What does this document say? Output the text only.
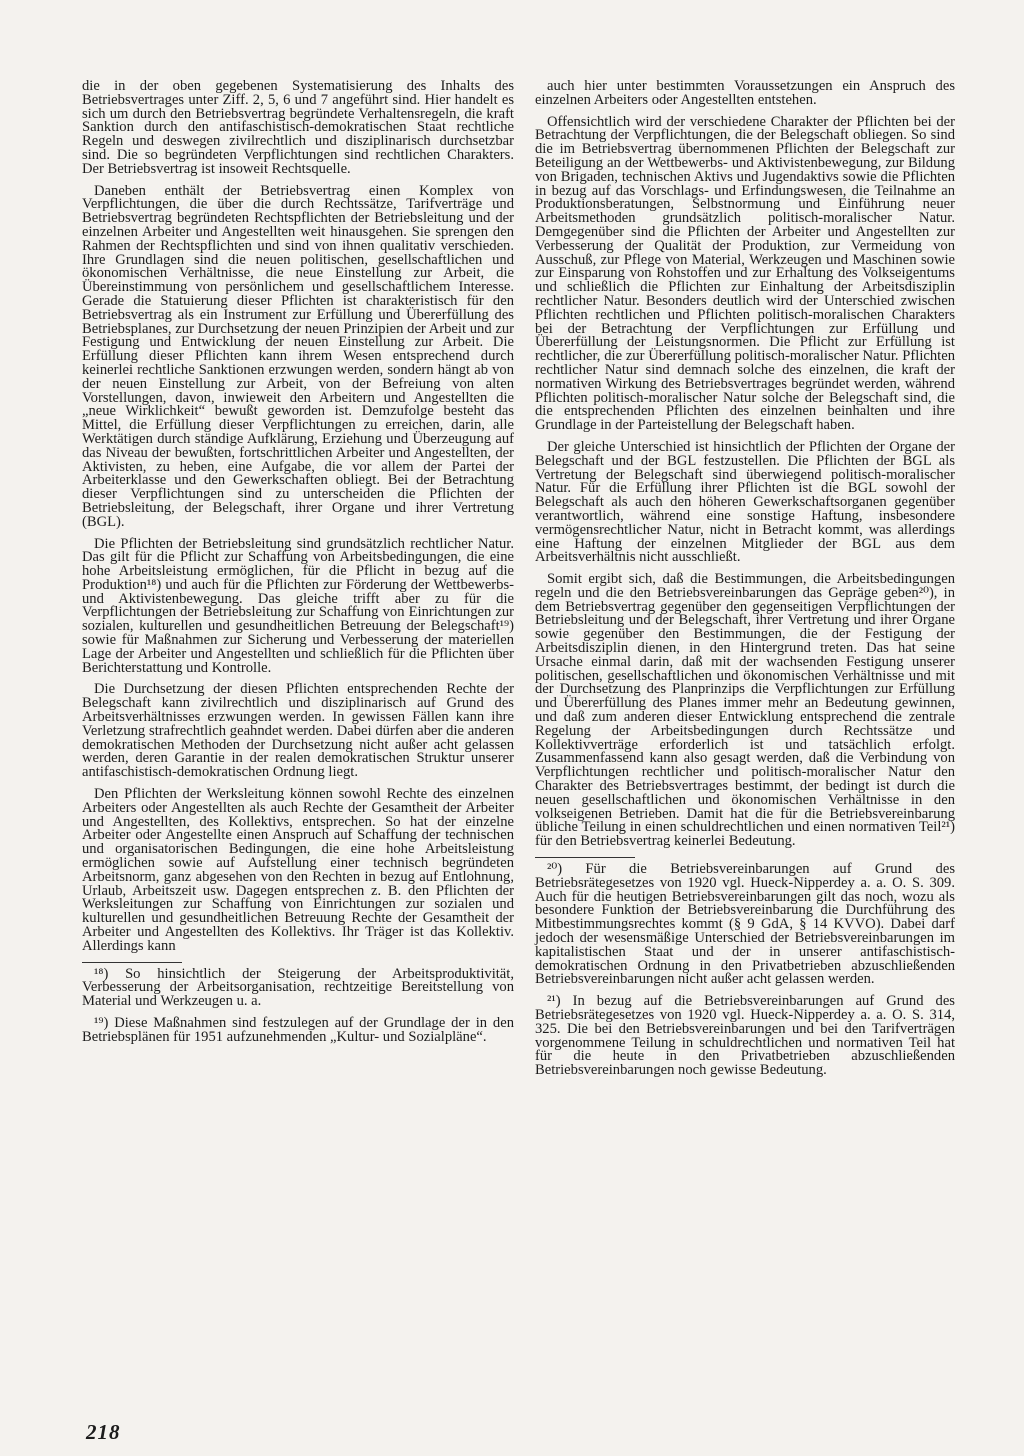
die in der oben gegebenen Systematisierung des Inhalts des Betriebsvertrages unter Ziff. 2, 5, 6 und 7 angeführt sind. Hier handelt es sich um durch den Betriebsvertrag begründete Verhaltensregeln, die kraft Sanktion durch den antifaschistisch-demokratischen Staat rechtliche Regeln und deswegen zivilrechtlich und disziplinarisch durchsetzbar sind. Die so begründeten Verpflichtungen sind rechtlichen Charakters. Der Betriebsvertrag ist insoweit Rechtsquelle.

Daneben enthält der Betriebsvertrag einen Komplex von Verpflichtungen, die über die durch Rechtssätze, Tarifverträge und Betriebsvertrag begründeten Rechtspflichten der Betriebsleitung und der einzelnen Arbeiter und Angestellten weit hinausgehen. Sie sprengen den Rahmen der Rechtspflichten und sind von ihnen qualitativ verschieden. Ihre Grundlagen sind die neuen politischen, gesellschaftlichen und ökonomischen Verhältnisse, die neue Einstellung zur Arbeit, die Übereinstimmung von persönlichem und gesellschaftlichem Interesse. Gerade die Statuierung dieser Pflichten ist charakteristisch für den Betriebsvertrag als ein Instrument zur Erfüllung und Übererfüllung des Betriebsplanes, zur Durchsetzung der neuen Prinzipien der Arbeit und zur Festigung und Entwicklung der neuen Einstellung zur Arbeit. Die Erfüllung dieser Pflichten kann ihrem Wesen entsprechend durch keinerlei rechtliche Sanktionen erzwungen werden, sondern hängt ab von der neuen Einstellung zur Arbeit, von der Befreiung von alten Vorstellungen, davon, inwieweit den Arbeitern und Angestellten die „neue Wirklichkeit“ bewußt geworden ist. Demzufolge besteht das Mittel, die Erfüllung dieser Verpflichtungen zu erreichen, darin, alle Werktätigen durch ständige Aufklärung, Erziehung und Überzeugung auf das Niveau der bewußten, fortschrittlichen Arbeiter und Angestellten, der Aktivisten, zu heben, eine Aufgabe, die vor allem der Partei der Arbeiterklasse und den Gewerkschaften obliegt. Bei der Betrachtung dieser Verpflichtungen sind zu unterscheiden die Pflichten der Betriebsleitung, der Belegschaft, ihrer Organe und ihrer Vertretung (BGL).

Die Pflichten der Betriebsleitung sind grundsätzlich rechtlicher Natur. Das gilt für die Pflicht zur Schaffung von Arbeitsbedingungen, die eine hohe Arbeitsleistung ermöglichen, für die Pflicht in bezug auf die Produktion¹⁸) und auch für die Pflichten zur Förderung der Wettbewerbs- und Aktivistenbewegung. Das gleiche trifft aber zu für die Verpflichtungen der Betriebsleitung zur Schaffung von Einrichtungen zur sozialen, kulturellen und gesundheitlichen Betreuung der Belegschaft¹⁹) sowie für Maßnahmen zur Sicherung und Verbesserung der materiellen Lage der Arbeiter und Angestellten und schließlich für die Pflichten über Berichterstattung und Kontrolle.

Die Durchsetzung der diesen Pflichten entsprechenden Rechte der Belegschaft kann zivilrechtlich und disziplinarisch auf Grund des Arbeitsverhältnisses erzwungen werden. In gewissen Fällen kann ihre Verletzung strafrechtlich geahndet werden. Dabei dürfen aber die anderen demokratischen Methoden der Durchsetzung nicht außer acht gelassen werden, deren Garantie in der realen demokratischen Struktur unserer antifaschistisch-demokratischen Ordnung liegt.

Den Pflichten der Werksleitung können sowohl Rechte des einzelnen Arbeiters oder Angestellten als auch Rechte der Gesamtheit der Arbeiter und Angestellten, des Kollektivs, entsprechen. So hat der einzelne Arbeiter oder Angestellte einen Anspruch auf Schaffung der technischen und organisatorischen Bedingungen, die eine hohe Arbeitsleistung ermöglichen sowie auf Aufstellung einer technisch begründeten Arbeitsnorm, ganz abgesehen von den Rechten in bezug auf Entlohnung, Urlaub, Arbeitszeit usw. Dagegen entsprechen z. B. den Pflichten der Werksleitungen zur Schaffung von Einrichtungen zur sozialen und kulturellen und gesundheitlichen Betreuung Rechte der Gesamtheit der Arbeiter und Angestellten des Kollektivs. Ihr Träger ist das Kollektiv. Allerdings kann

¹⁸) So hinsichtlich der Steigerung der Arbeitsproduktivität, Verbesserung der Arbeitsorganisation, rechtzeitige Bereitstellung von Material und Werkzeugen u. a.

¹⁹) Diese Maßnahmen sind festzulegen auf der Grundlage der in den Betriebsplänen für 1951 aufzunehmenden „Kultur- und Sozialpläne“.

auch hier unter bestimmten Voraussetzungen ein Anspruch des einzelnen Arbeiters oder Angestellten entstehen.

Offensichtlich wird der verschiedene Charakter der Pflichten bei der Betrachtung der Verpflichtungen, die der Belegschaft obliegen. So sind die im Betriebsvertrag übernommenen Pflichten der Belegschaft zur Beteiligung an der Wettbewerbs- und Aktivistenbewegung, zur Bildung von Brigaden, technischen Aktivs und Jugendaktivs sowie die Pflichten in bezug auf das Vorschlags- und Erfindungswesen, die Teilnahme an Produktionsberatungen, Selbstnormung und Einführung neuer Arbeitsmethoden grundsätzlich politisch-moralischer Natur. Demgegenüber sind die Pflichten der Arbeiter und Angestellten zur Verbesserung der Qualität der Produktion, zur Vermeidung von Ausschuß, zur Pflege von Material, Werkzeugen und Maschinen sowie zur Einsparung von Rohstoffen und zur Erhaltung des Volkseigentums und schließlich die Pflichten zur Einhaltung der Arbeitsdisziplin rechtlicher Natur. Besonders deutlich wird der Unterschied zwischen Pflichten rechtlichen und Pflichten politisch-moralischen Charakters bei der Betrachtung der Verpflichtungen zur Erfüllung und Übererfüllung der Leistungsnormen. Die Pflicht zur Erfüllung ist rechtlicher, die zur Übererfüllung politisch-moralischer Natur. Pflichten rechtlicher Natur sind demnach solche des einzelnen, die kraft der normativen Wirkung des Betriebsvertrages begründet werden, während Pflichten politisch-moralischer Natur solche der Belegschaft sind, die die entsprechenden Pflichten des einzelnen beinhalten und ihre Grundlage in der Parteistellung der Belegschaft haben.

Der gleiche Unterschied ist hinsichtlich der Pflichten der Organe der Belegschaft und der BGL festzustellen. Die Pflichten der BGL als Vertretung der Belegschaft sind überwiegend politisch-moralischer Natur. Für die Erfüllung ihrer Pflichten ist die BGL sowohl der Belegschaft als auch den höheren Gewerkschaftsorganen gegenüber verantwortlich, während eine sonstige Haftung, insbesondere vermögensrechtlicher Natur, nicht in Betracht kommt, was allerdings eine Haftung der einzelnen Mitglieder der BGL aus dem Arbeitsverhältnis nicht ausschließt.

Somit ergibt sich, daß die Bestimmungen, die Arbeitsbedingungen regeln und die den Betriebsvereinbarungen das Gepräge geben²⁰), in dem Betriebsvertrag gegenüber den gegenseitigen Verpflichtungen der Betriebsleitung und der Belegschaft, ihrer Vertretung und ihrer Organe sowie gegenüber den Bestimmungen, die der Festigung der Arbeitsdisziplin dienen, in den Hintergrund treten. Das hat seine Ursache einmal darin, daß mit der wachsenden Festigung unserer politischen, gesellschaftlichen und ökonomischen Verhältnisse und mit der Durchsetzung des Planprinzips die Verpflichtungen zur Erfüllung und Übererfüllung des Planes immer mehr an Bedeutung gewinnen, und daß zum anderen dieser Entwicklung entsprechend die zentrale Regelung der Arbeitsbedingungen durch Rechtssätze und Kollektivverträge erforderlich ist und tatsächlich erfolgt. Zusammenfassend kann also gesagt werden, daß die Verbindung von Verpflichtungen rechtlicher und politisch-moralischer Natur den Charakter des Betriebsvertrages bestimmt, der bedingt ist durch die neuen gesellschaftlichen und ökonomischen Verhältnisse in den volkseigenen Betrieben. Damit hat die für die Betriebsvereinbarung übliche Teilung in einen schuldrechtlichen und einen normativen Teil²¹) für den Betriebsvertrag keinerlei Bedeutung.

²⁰) Für die Betriebsvereinbarungen auf Grund des Betriebsrätegesetzes von 1920 vgl. Hueck-Nipperdey a. a. O. S. 309. Auch für die heutigen Betriebsvereinbarungen gilt das noch, wozu als besondere Funktion der Betriebsvereinbarung die Durchführung des Mitbestimmungsrechtes kommt (§ 9 GdA, § 14 KVVO). Dabei darf jedoch der wesensmäßige Unterschied der Betriebsvereinbarungen im kapitalistischen Staat und der in unserer antifaschistisch-demokratischen Ordnung in den Privatbetrieben abzuschließenden Betriebsvereinbarungen nicht außer acht gelassen werden.

²¹) In bezug auf die Betriebsvereinbarungen auf Grund des Betriebsrätegesetzes von 1920 vgl. Hueck-Nipperdey a. a. O. S. 314, 325. Die bei den Betriebsvereinbarungen und bei den Tarifverträgen vorgenommene Teilung in schuldrechtlichen und normativen Teil hat für die heute in den Privatbetrieben abzuschließenden Betriebsvereinbarungen noch gewisse Bedeutung.

218
